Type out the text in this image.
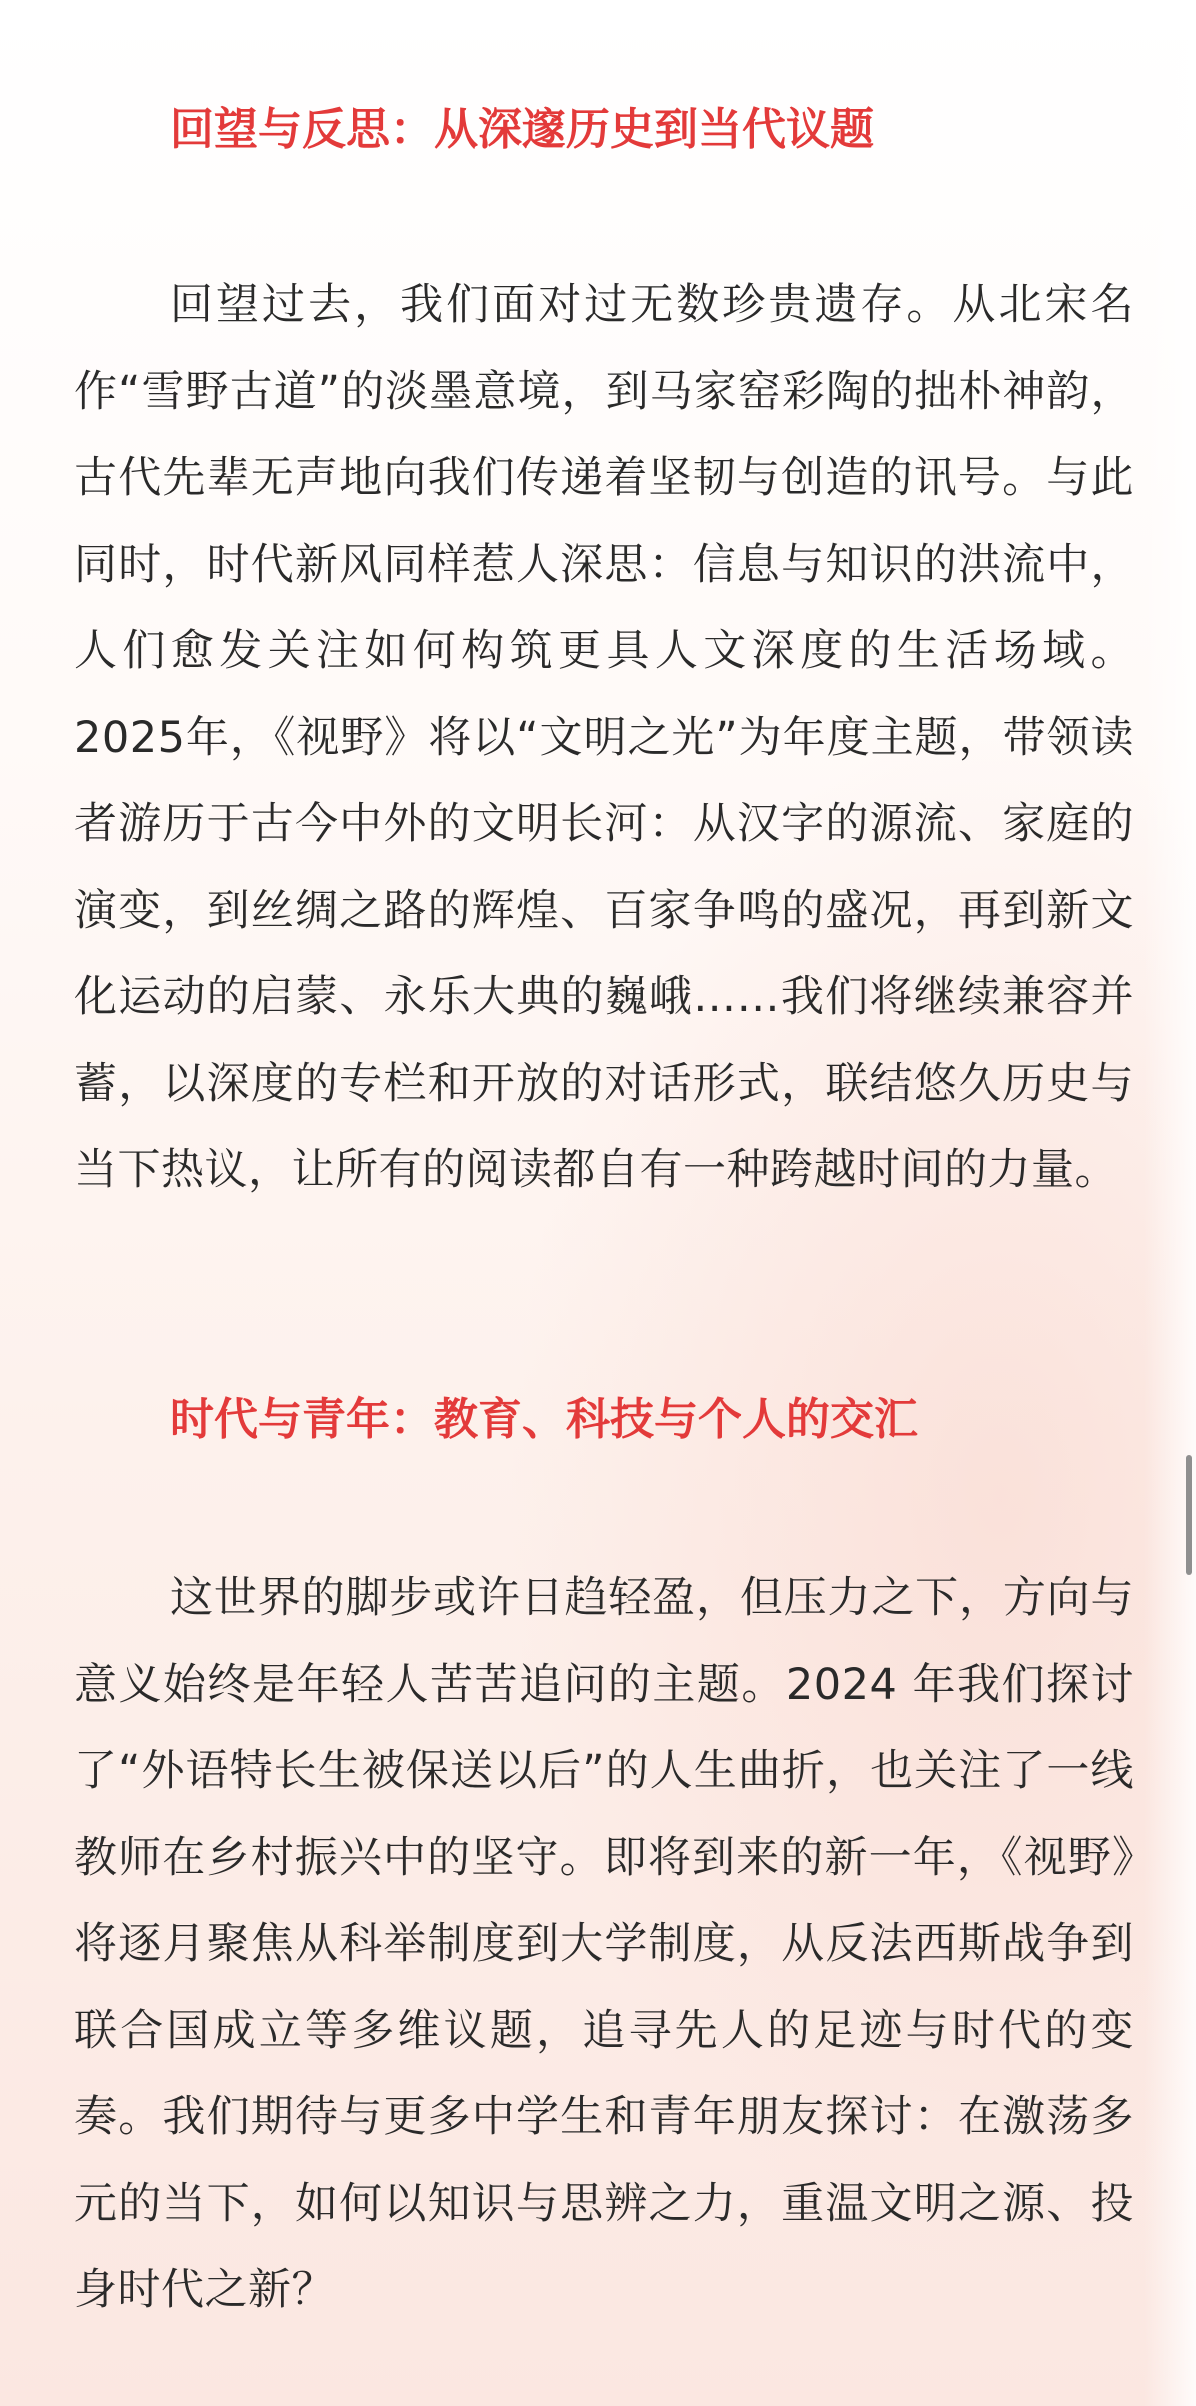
回望与反思：从深邃历史到当代议题

回望过去，我们面对过无数珍贵遗存。从北宋名作“雪野古道”的淡墨意境，到马家窑彩陶的拙朴神韵，古代先辈无声地向我们传递着坚韧与创造的讯号。与此同时，时代新风同样惹人深思：信息与知识的洪流中，人们愈发关注如何构筑更具人文深度的生活场域。2025年，《视野》将以“文明之光”为年度主题，带领读者游历于古今中外的文明长河：从汉字的源流、家庭的演变，到丝绸之路的辉煌、百家争鸣的盛况，再到新文化运动的启蒙、永乐大典的巍峨……我们将继续兼容并蓄，以深度的专栏和开放的对话形式，联结悠久历史与当下热议，让所有的阅读都自有一种跨越时间的力量。

时代与青年：教育、科技与个人的交汇

这世界的脚步或许日趋轻盈，但压力之下，方向与意义始终是年轻人苦苦追问的主题。2024 年我们探讨了“外语特长生被保送以后”的人生曲折，也关注了一线教师在乡村振兴中的坚守。即将到来的新一年，《视野》将逐月聚焦从科举制度到大学制度，从反法西斯战争到联合国成立等多维议题，追寻先人的足迹与时代的变奏。我们期待与更多中学生和青年朋友探讨：在激荡多元的当下，如何以知识与思辨之力，重温文明之源、投身时代之新？
